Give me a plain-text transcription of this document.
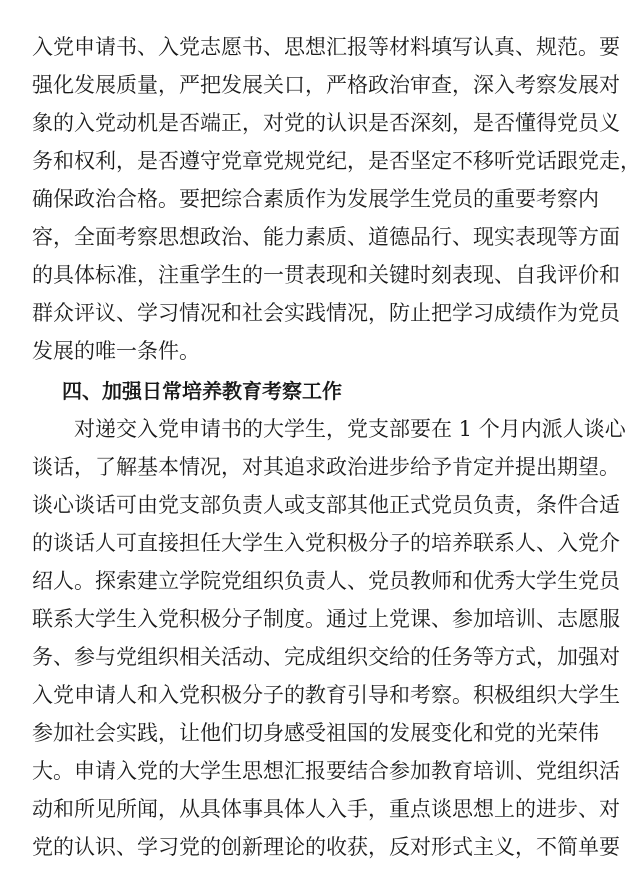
入党申请书、入党志愿书、思想汇报等材料填写认真、规范。要
强化发展质量，严把发展关口，严格政治审查，深入考察发展对
象的入党动机是否端正，对党的认识是否深刻，是否懂得党员义
务和权利，是否遵守党章党规党纪，是否坚定不移听党话跟党走，
确保政治合格。要把综合素质作为发展学生党员的重要考察内
容，全面考察思想政治、能力素质、道德品行、现实表现等方面
的具体标准，注重学生的一贯表现和关键时刻表现、自我评价和
群众评议、学习情况和社会实践情况，防止把学习成绩作为党员
发展的唯一条件。
四、加强日常培养教育考察工作
对递交入党申请书的大学生，党支部要在 1 个月内派人谈心
谈话，了解基本情况，对其追求政治进步给予肯定并提出期望。
谈心谈话可由党支部负责人或支部其他正式党员负责，条件合适
的谈话人可直接担任大学生入党积极分子的培养联系人、入党介
绍人。探索建立学院党组织负责人、党员教师和优秀大学生党员
联系大学生入党积极分子制度。通过上党课、参加培训、志愿服
务、参与党组织相关活动、完成组织交给的任务等方式，加强对
入党申请人和入党积极分子的教育引导和考察。积极组织大学生
参加社会实践，让他们切身感受祖国的发展变化和党的光荣伟
大。申请入党的大学生思想汇报要结合参加教育培训、党组织活
动和所见所闻，从具体事具体人入手，重点谈思想上的进步、对
党的认识、学习党的创新理论的收获，反对形式主义，不简单要
